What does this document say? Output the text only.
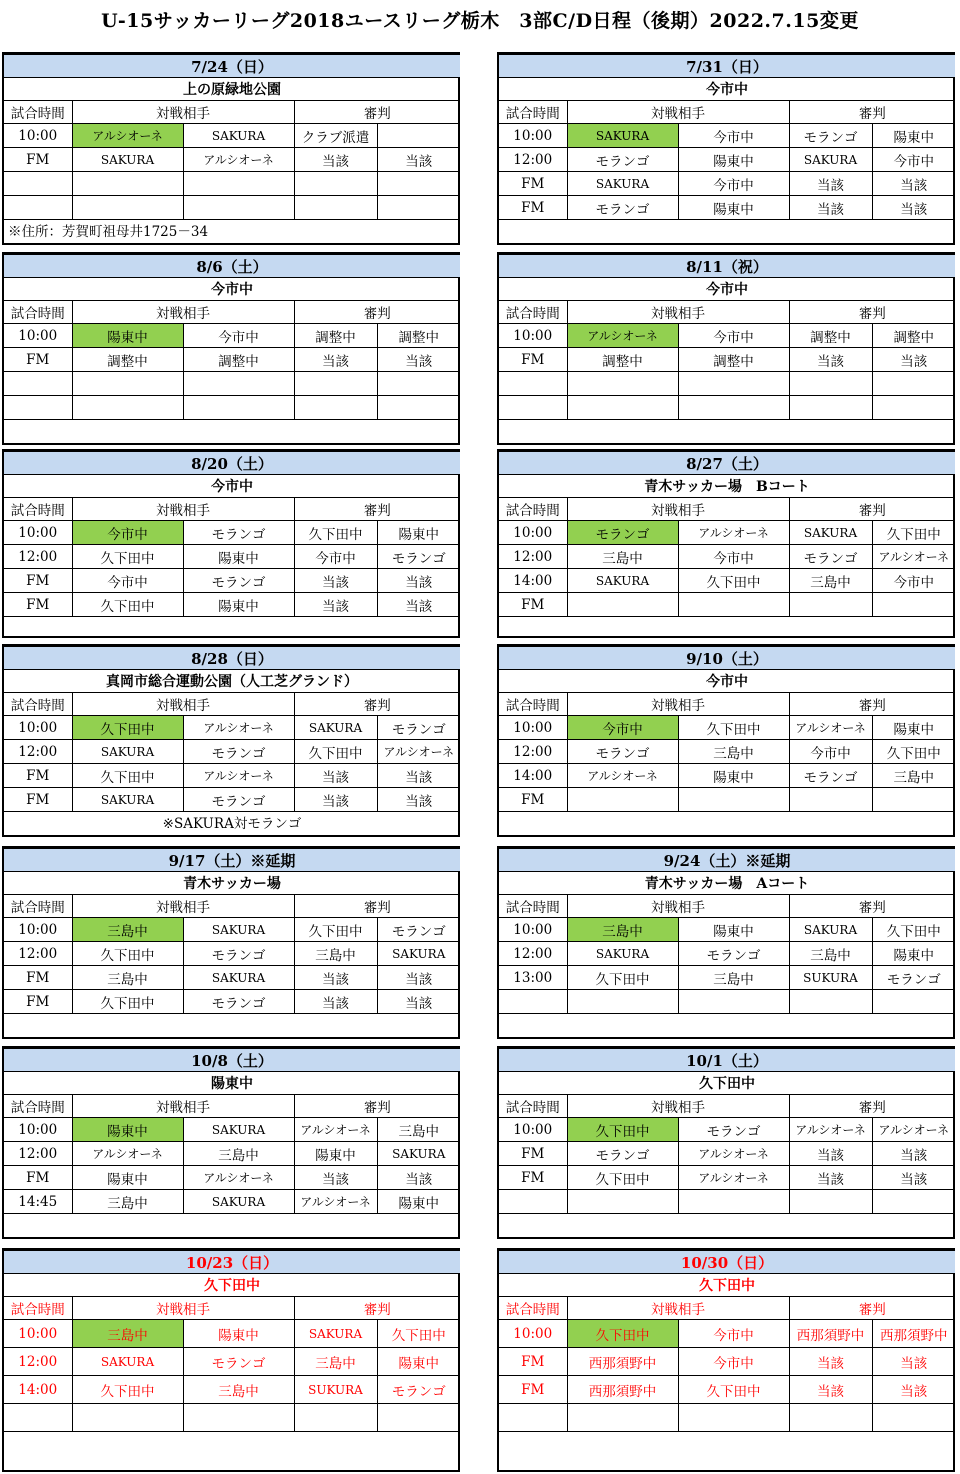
U-15サッカーリーグ2018ユースリーグ栃木　3部C/D日程（後期）2022.7.15変更
7/24（日）				
上の原緑地公園				
試合時間	対戦相手		審判	
10:00	アルシオーネ	SAKURA	クラブ派遣	
FM	SAKURA	アルシオーネ	当該	当該

※住所：芳賀町祖母井1725－34				
7/31（日）				
今市中				
試合時間	対戦相手		審判	
10:00	SAKURA	今市中	モランゴ	陽東中
12:00	モランゴ	陽東中	SAKURA	今市中
FM	SAKURA	今市中	当該	当該
FM	モランゴ	陽東中	当該	当該

8/6（土）				
今市中				
試合時間	対戦相手		審判	
10:00	陽東中	今市中	調整中	調整中
FM	調整中	調整中	当該	当該

8/11（祝）				
今市中				
試合時間	対戦相手		審判	
10:00	アルシオーネ	今市中	調整中	調整中
FM	調整中	調整中	当該	当該

8/20（土）				
今市中				
試合時間	対戦相手		審判	
10:00	今市中	モランゴ	久下田中	陽東中
12:00	久下田中	陽東中	今市中	モランゴ
FM	今市中	モランゴ	当該	当該
FM	久下田中	陽東中	当該	当該

8/27（土）				
青木サッカー場　Bコート				
試合時間	対戦相手		審判	
10:00	モランゴ	アルシオーネ	SAKURA	久下田中
12:00	三島中	今市中	モランゴ	アルシオーネ
14:00	SAKURA	久下田中	三島中	今市中
FM				

8/28（日）				
真岡市総合運動公園（人工芝グランド）				
試合時間	対戦相手		審判	
10:00	久下田中	アルシオーネ	SAKURA	モランゴ
12:00	SAKURA	モランゴ	久下田中	アルシオーネ
FM	久下田中	アルシオーネ	当該	当該
FM	SAKURA	モランゴ	当該	当該
※SAKURA対モランゴ				
9/10（土）				
今市中				
試合時間	対戦相手		審判	
10:00	今市中	久下田中	アルシオーネ	陽東中
12:00	モランゴ	三島中	今市中	久下田中
14:00	アルシオーネ	陽東中	モランゴ	三島中
FM				

9/17（土）※延期				
青木サッカー場				
試合時間	対戦相手		審判	
10:00	三島中	SAKURA	久下田中	モランゴ
12:00	久下田中	モランゴ	三島中	SAKURA
FM	三島中	SAKURA	当該	当該
FM	久下田中	モランゴ	当該	当該

9/24（土）※延期				
青木サッカー場　Aコート				
試合時間	対戦相手		審判	
10:00	三島中	陽東中	SAKURA	久下田中
12:00	SAKURA	モランゴ	三島中	陽東中
13:00	久下田中	三島中	SUKURA	モランゴ

10/8（土）				
陽東中				
試合時間	対戦相手		審判	
10:00	陽東中	SAKURA	アルシオーネ	三島中
12:00	アルシオーネ	三島中	陽東中	SAKURA
FM	陽東中	アルシオーネ	当該	当該
14:45	三島中	SAKURA	アルシオーネ	陽東中

10/1（土）				
久下田中				
試合時間	対戦相手		審判	
10:00	久下田中	モランゴ	アルシオーネ	アルシオーネ
FM	モランゴ	アルシオーネ	当該	当該
FM	久下田中	アルシオーネ	当該	当該

10/23（日）				
久下田中				
試合時間	対戦相手		審判	
10:00	三島中	陽東中	SAKURA	久下田中
12:00	SAKURA	モランゴ	三島中	陽東中
14:00	久下田中	三島中	SUKURA	モランゴ

10/30（日）				
久下田中				
試合時間	対戦相手		審判	
10:00	久下田中	今市中	西那須野中	西那須野中
FM	西那須野中	今市中	当該	当該
FM	西那須野中	久下田中	当該	当該
